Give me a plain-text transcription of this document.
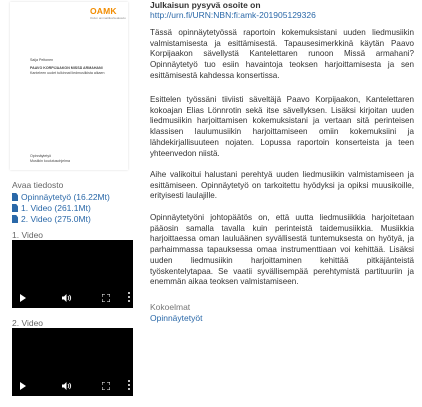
OAMK
Oulun ammattikorkeakoulu
Saija Peltonen
PAAVO KORPIJAAKON MISSÄ ARMAHANI
Kanteleen uudet tulkinnat liedmusiikista alkaen
Opinnäytetyö
Musiikin koulutusohjelma
Avaa tiedosto
Opinnäytetyö (16.22Mt)
1. Video (261.1Mt)
2. Video (275.0Mt)
1. Video
2. Video
Julkaisun pysyvä osoite on
http://urn.fi/URN:NBN:fi:amk-201905129326

Tässä opinnäytetyössä raportoin kokemuksistani uuden liedmusiikin valmistamisesta ja esittämisestä. Tapausesimerkkinä käytän Paavo Korpijaakon sävellystä Kantelettaren runoon Missä armahani? Opinnäytetyö tuo esiin havaintoja teoksen harjoittamisesta ja sen esittämisestä kahdessa konsertissa.

Esittelen työssäni tiiviisti säveltäjä Paavo Korpijaakon, Kantelettaren kokoajan Elias Lönnrotin sekä itse sävellyksen. Lisäksi kirjoitan uuden liedmusiikin harjoittamisen kokemuksistani ja vertaan sitä perinteisen klassisen laulumusiikin harjoittamiseen omiin kokemuksiini ja lähdekirjallisuuteen nojaten. Lopussa raportoin konserteista ja teen yhteenvedon niistä.

Aihe valikoitui halustani perehtyä uuden liedmusiikin valmistamiseen ja esittämiseen. Opinnäytetyö on tarkoitettu hyödyksi ja opiksi muusikoille, erityisesti laulajille.

Opinnäytetyöni johtopäätös on, että uutta liedmusiikkia harjoitetaan pääosin samalla tavalla kuin perinteistä taidemusiikkia. Musiikkia harjoittaessa oman lauluäänen syvällisestä tuntemuksesta on hyötyä, ja parhaimmassa tapauksessa omaa instrumenttiaan voi kehittää. Lisäksi uuden liedmusiikin harjoittaminen kehittää pitkäjänteistä työskentelytapaa. Se vaatii syvällisempää perehtymistä partituuriin ja enemmän aikaa teoksen valmistamiseen.

Kokoelmat
Opinnäytetyöt
